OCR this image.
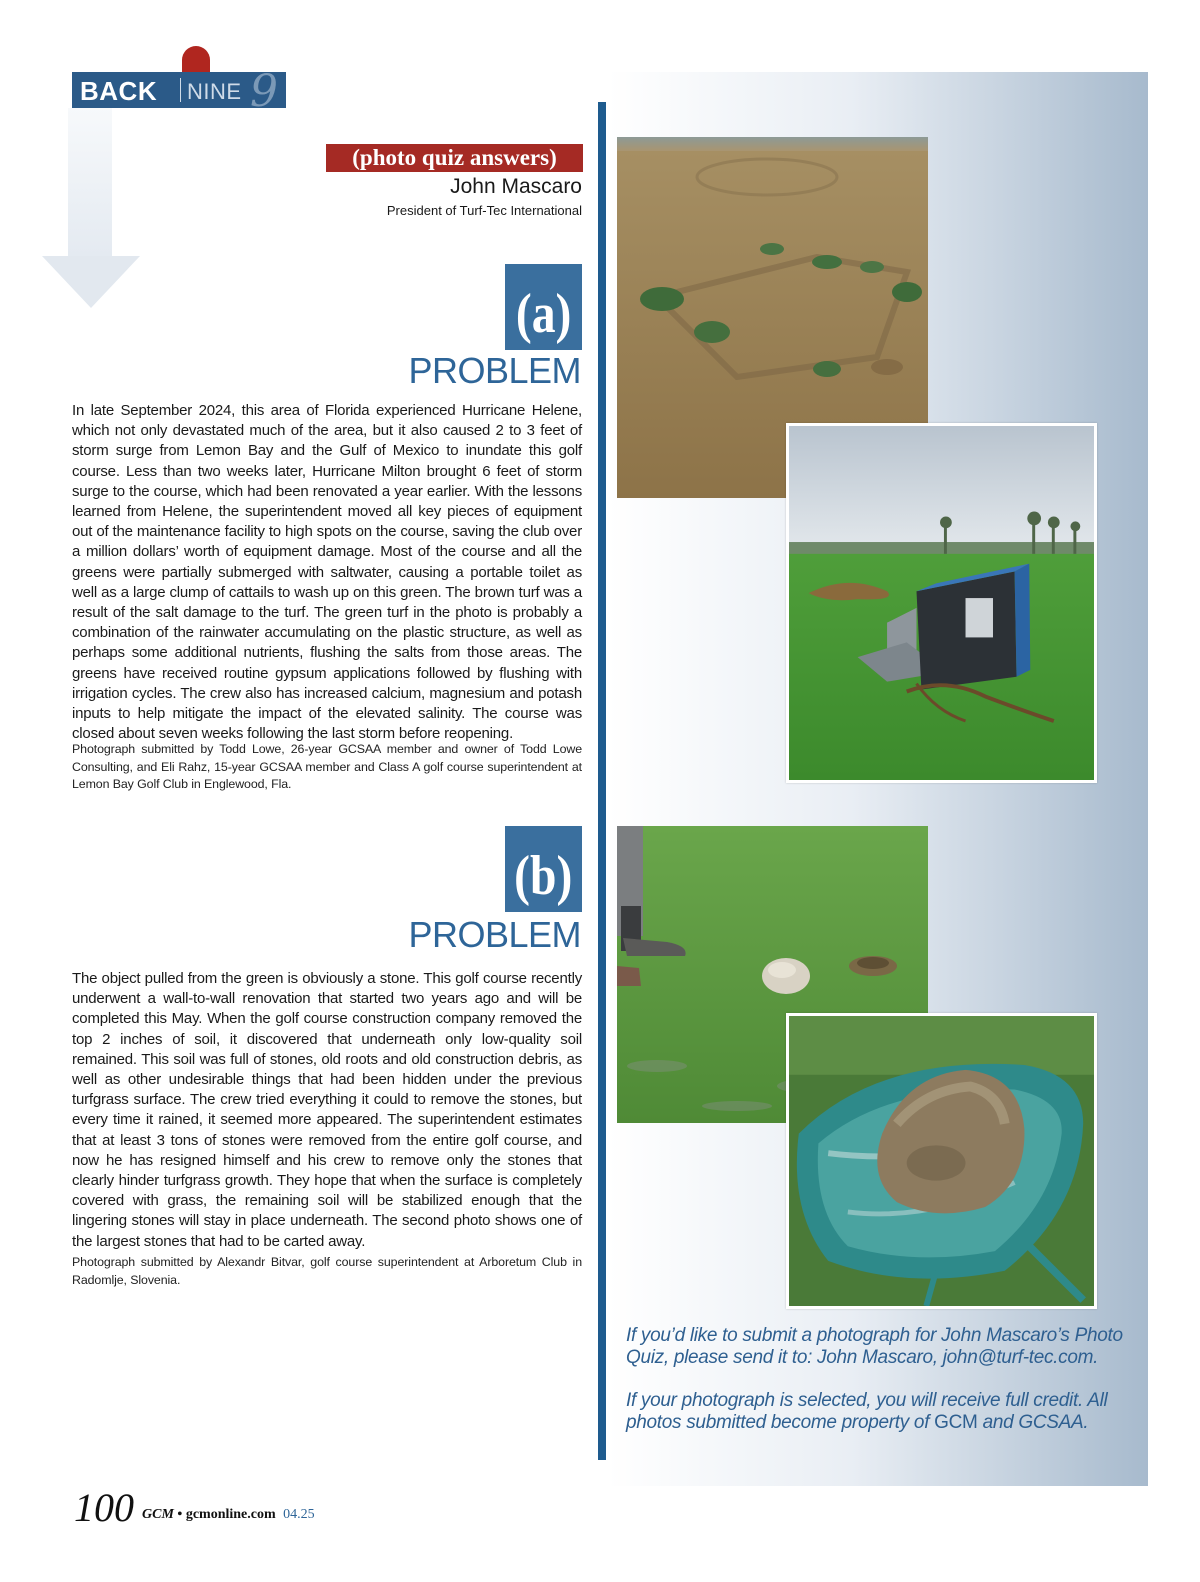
BACK NINE 9
(photo quiz answers)
John Mascaro
President of Turf-Tec International
(a)
PROBLEM

In late September 2024, this area of Florida experienced Hurricane Helene, which not only devastated much of the area, but it also caused 2 to 3 feet of storm surge from Lemon Bay and the Gulf of Mexico to inundate this golf course. Less than two weeks later, Hurricane Milton brought 6 feet of storm surge to the course, which had been renovated a year earlier. With the lessons learned from Helene, the superintendent moved all key pieces of equipment out of the maintenance facility to high spots on the course, saving the club over a million dollars’ worth of equipment damage. Most of the course and all the greens were partially submerged with saltwater, causing a portable toilet as well as a large clump of cattails to wash up on this green. The brown turf was a result of the salt damage to the turf. The green turf in the photo is probably a combination of the rainwater accumulating on the plastic structure, as well as perhaps some additional nutrients, flushing the salts from those areas. The greens have received routine gypsum applications followed by flushing with irrigation cycles. The crew also has increased calcium, magnesium and potash inputs to help mitigate the impact of the elevated salinity. The course was closed about seven weeks following the last storm before reopening.

Photograph submitted by Todd Lowe, 26-year GCSAA member and owner of Todd Lowe Consulting, and Eli Rahz, 15-year GCSAA member and Class A golf course superintendent at Lemon Bay Golf Club in Englewood, Fla.

(b)
PROBLEM

The object pulled from the green is obviously a stone. This golf course recently underwent a wall-to-wall renovation that started two years ago and will be completed this May. When the golf course construction company removed the top 2 inches of soil, it discovered that underneath only low-quality soil remained. This soil was full of stones, old roots and old construction debris, as well as other undesirable things that had been hidden under the previous turfgrass surface. The crew tried everything it could to remove the stones, but every time it rained, it seemed more appeared. The superintendent estimates that at least 3 tons of stones were removed from the entire golf course, and now he has resigned himself and his crew to remove only the stones that clearly hinder turfgrass growth. They hope that when the surface is completely covered with grass, the remaining soil will be stabilized enough that the lingering stones will stay in place underneath. The second photo shows one of the largest stones that had to be carted away.

Photograph submitted by Alexandr Bitvar, golf course superintendent at Arboretum Club in Radomlje, Slovenia.

If you’d like to submit a photograph for John Mascaro’s Photo Quiz, please send it to: John Mascaro, john@turf-tec.com.

If your photograph is selected, you will receive full credit. All photos submitted become property of GCM and GCSAA.

100 GCM • gcmonline.com 04.25
